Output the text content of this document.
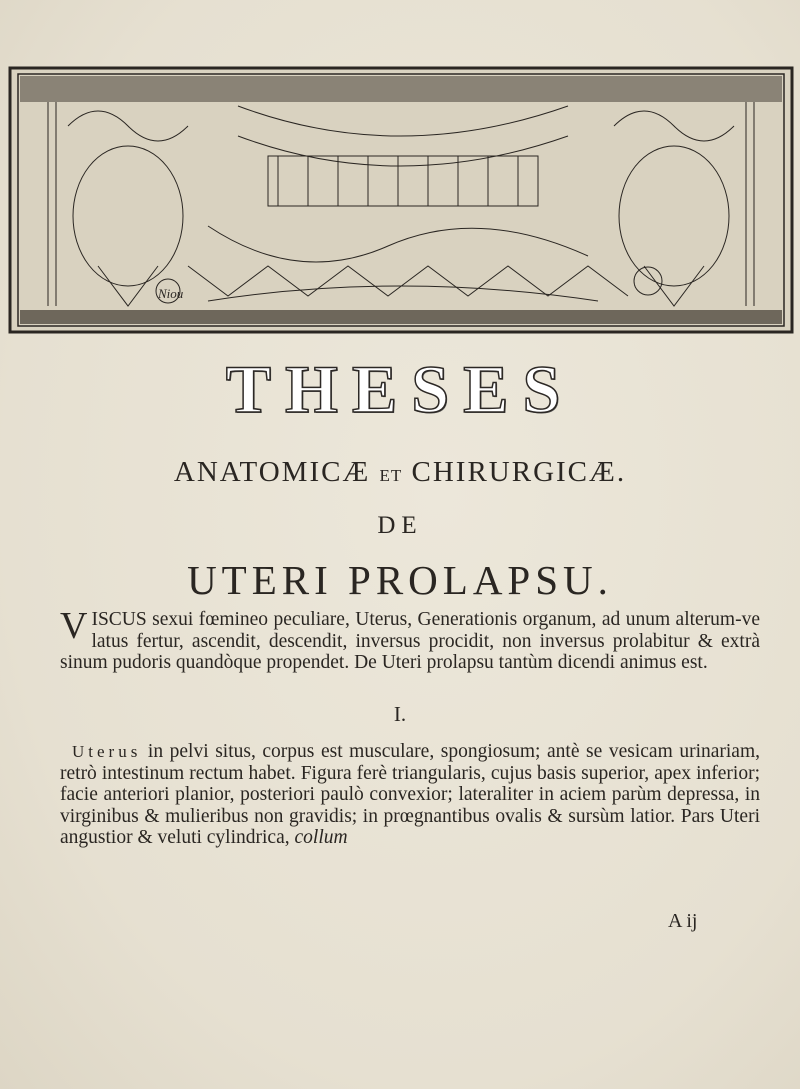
Niou
THESES
ANATOMICÆ ET CHIRURGICÆ.
DE
UTERI PROLAPSU.
VISCUS sexui fœmineo peculiare, Uterus, Generationis organum, ad unum alterum-ve latus fertur, ascendit, descendit, inversus procidit, non inversus prolabitur & extrà sinum pudoris quandòque propendet. De Uteri prolapsu tantùm dicendi animus est.
I.
Uterus in pelvi situs, corpus est musculare, spongiosum; antè se vesicam urinariam, retrò intestinum rectum habet. Figura ferè triangularis, cujus basis superior, apex inferior; facie anteriori planior, posteriori paulò convexior; lateraliter in aciem parùm depressa, in virginibus & mulieribus non gravidis; in prœgnantibus ovalis & sursùm latior. Pars Uteri angustior & veluti cylindrica, collum
A ij
